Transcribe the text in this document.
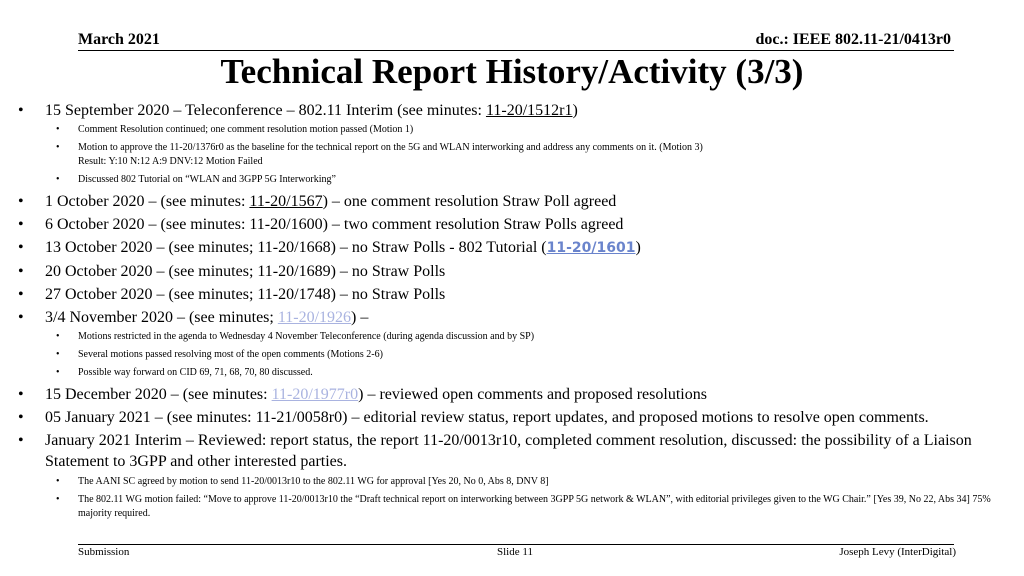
March 2021	doc.: IEEE 802.11-21/0413r0
Technical Report History/Activity (3/3)
•	15 September 2020 – Teleconference – 802.11 Interim (see minutes: 11-20/1512r1)
•	Comment Resolution continued; one comment resolution motion passed (Motion 1)
•	Motion to approve the 11-20/1376r0 as the baseline for the technical report on the 5G and WLAN interworking and address any comments on it. (Motion 3)
Result: Y:10 N:12 A:9 DNV:12 Motion Failed
•	Discussed 802 Tutorial on “WLAN and 3GPP 5G Interworking”
•	1 October 2020 – (see minutes: 11-20/1567) – one comment resolution Straw Poll agreed
•	6 October 2020 – (see minutes: 11-20/1600) – two comment resolution Straw Polls agreed
•	13 October 2020 – (see minutes; 11-20/1668) – no Straw Polls - 802 Tutorial (11-20/1601)
•	20 October 2020 – (see minutes; 11-20/1689) – no Straw Polls
•	27 October 2020 – (see minutes; 11-20/1748) – no Straw Polls
•	3/4 November 2020 – (see minutes; 11-20/1926) –
•	Motions restricted in the agenda to Wednesday 4 November Teleconference (during agenda discussion and by SP)
•	Several motions passed resolving most of the open comments (Motions 2-6)
•	Possible way forward on CID 69, 71, 68, 70, 80 discussed.
•	15 December 2020 – (see minutes: 11-20/1977r0) – reviewed open comments and proposed resolutions
•	05 January 2021 – (see minutes: 11-21/0058r0) – editorial review status, report updates, and proposed motions to resolve open comments.
•	January 2021 Interim – Reviewed: report status, the report 11-20/0013r10, completed comment resolution, discussed: the possibility of a Liaison Statement to 3GPP and other interested parties.
•	The AANI SC agreed by motion to send 11-20/0013r10 to the 802.11 WG for approval [Yes 20, No 0, Abs 8, DNV 8]
•	The 802.11 WG motion failed: “Move to approve 11-20/0013r10 the “Draft technical report on interworking between 3GPP 5G network & WLAN”, with editorial privileges given to the WG Chair.” [Yes 39, No 22, Abs 34] 75% majority required.
Submission	Slide 11	Joseph Levy (InterDigital)
